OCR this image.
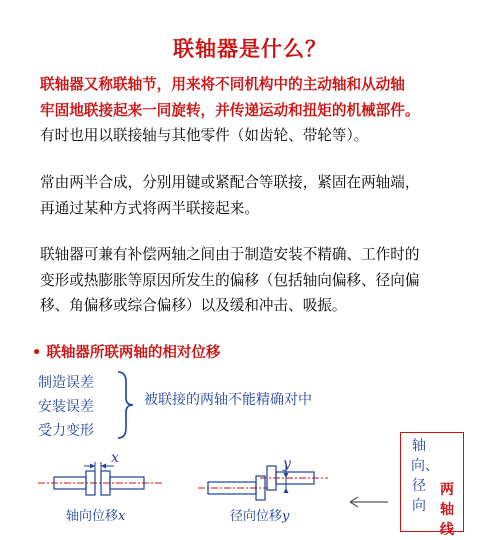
联轴器是什么？
联轴器又称联轴节，用来将不同机构中的主动轴和从动轴
牢固地联接起来一同旋转，并传递运动和扭矩的机械部件。
有时也用以联接轴与其他零件（如齿轮、带轮等）。
常由两半合成，分别用键或紧配合等联接，紧固在两轴端，
再通过某种方式将两半联接起来。
联轴器可兼有补偿两轴之间由于制造安装不精确、工作时的
变形或热膨胀等原因所发生的偏移（包括轴向偏移、径向偏
移、角偏移或综合偏移）以及缓和冲击、吸振。
• 联轴器所联两轴的相对位移
制造误差
安装误差
受力变形
被联接的两轴不能精确对中
x	y
轴向位移x	径向位移y
轴向、径向
两轴线
